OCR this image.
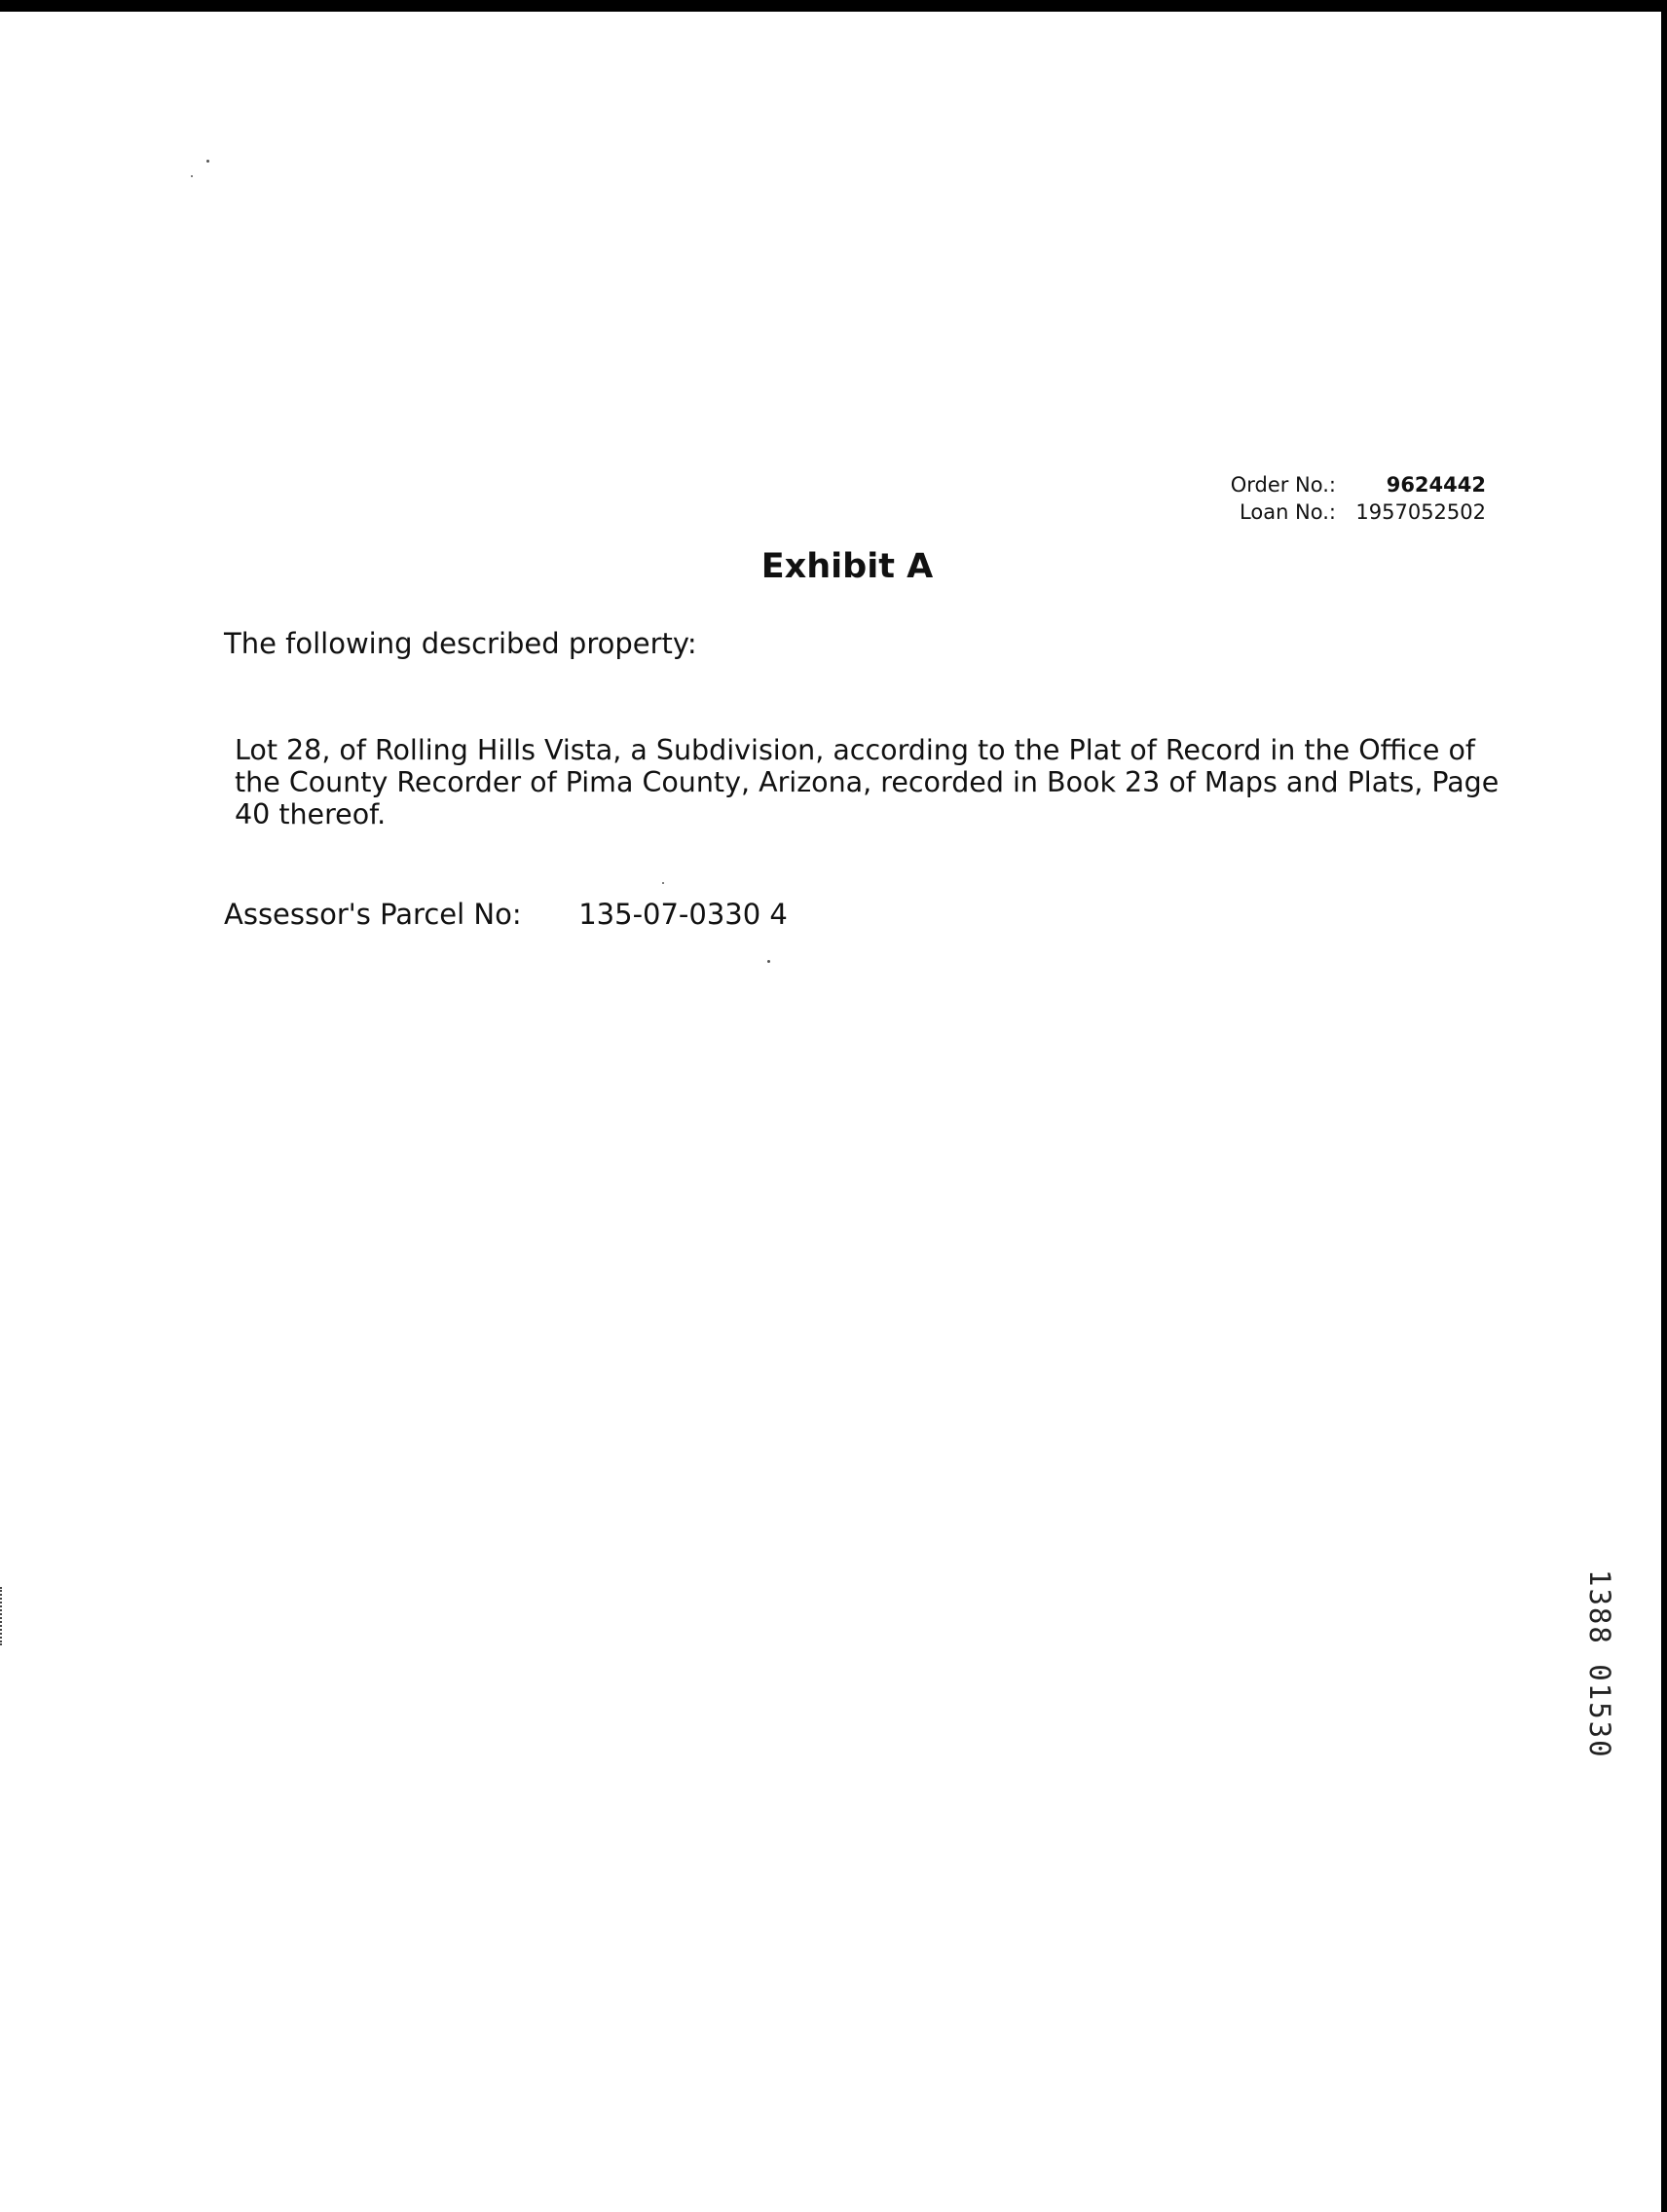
Order No.: 9624442
Loan No.: 1957052502
Exhibit A

The following described property:

Lot 28, of Rolling Hills Vista, a Subdivision, according to the Plat of Record in the Office of the County Recorder of Pima County, Arizona, recorded in Book 23 of Maps and Plats, Page 40 thereof.

Assessor's Parcel No: 135-07-0330 4
1388 01530
